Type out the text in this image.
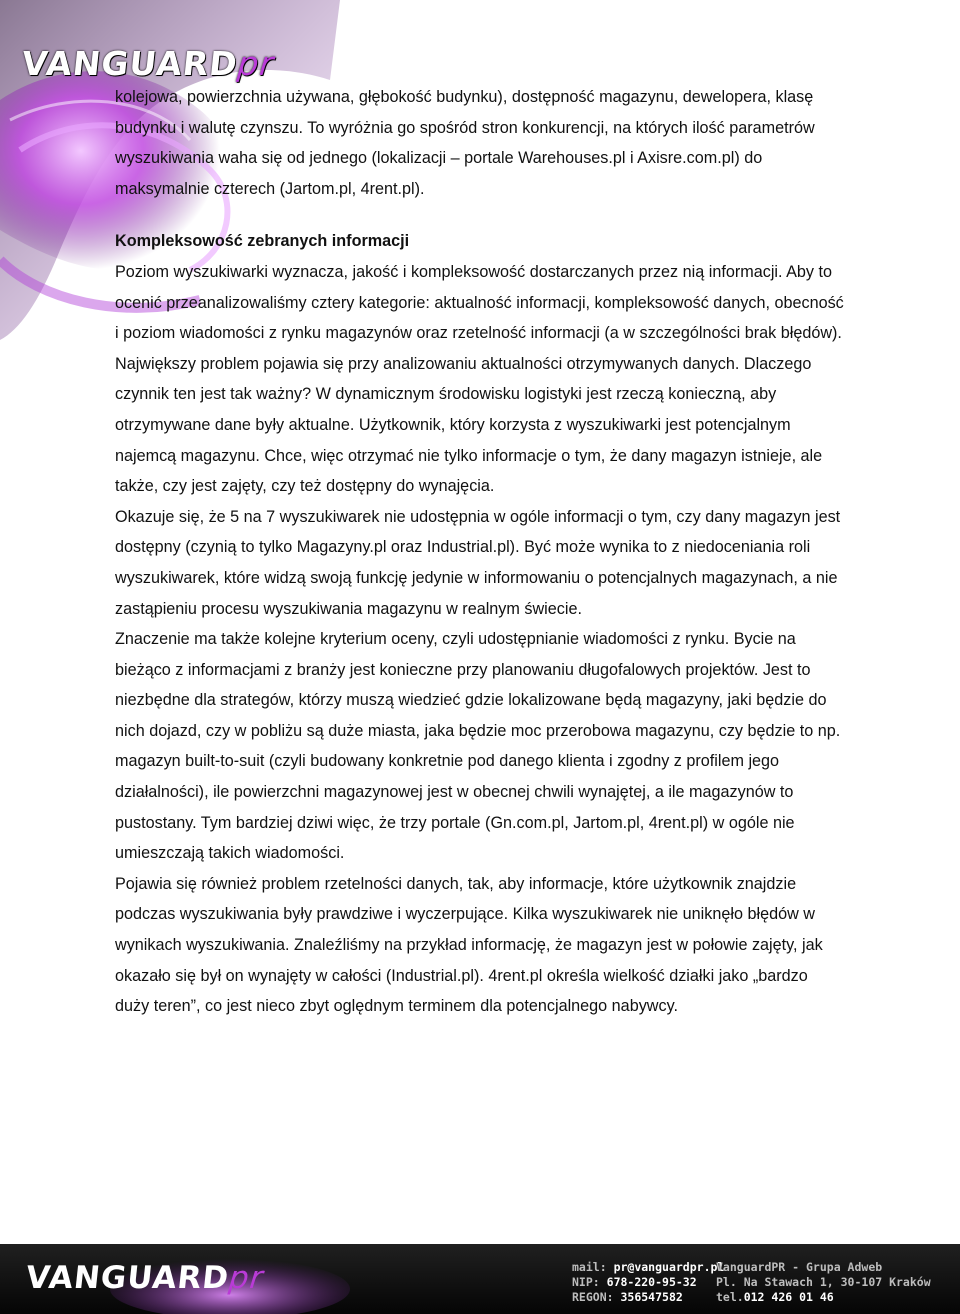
VANGUARDpr

kolejowa, powierzchnia używana, głębokość budynku), dostępność magazynu, dewelopera, klasę budynku i walutę czynszu. To wyróżnia go spośród stron konkurencji, na których ilość parametrów wyszukiwania waha się od jednego (lokalizacji – portale Warehouses.pl i Axisre.com.pl) do maksymalnie czterech (Jartom.pl, 4rent.pl).

Kompleksowość zebranych informacji

Poziom wyszukiwarki wyznacza, jakość i kompleksowość dostarczanych przez nią informacji. Aby to ocenić przeanalizowaliśmy cztery kategorie: aktualność informacji, kompleksowość danych, obecność i poziom wiadomości z rynku magazynów oraz rzetelność informacji (a w szczególności brak błędów).

Największy problem pojawia się przy analizowaniu aktualności otrzymywanych danych. Dlaczego czynnik ten jest tak ważny? W dynamicznym środowisku logistyki jest rzeczą konieczną, aby otrzymywane dane były aktualne. Użytkownik, który korzysta z wyszukiwarki jest potencjalnym najemcą magazynu. Chce, więc otrzymać nie tylko informacje o tym, że dany magazyn istnieje, ale także, czy jest zajęty, czy też dostępny do wynajęcia.

Okazuje się, że 5 na 7 wyszukiwarek nie udostępnia w ogóle informacji o tym, czy dany magazyn jest dostępny (czynią to tylko Magazyny.pl oraz Industrial.pl). Być może wynika to z niedoceniania roli wyszukiwarek, które widzą swoją funkcję jedynie w informowaniu o potencjalnych magazynach, a nie zastąpieniu procesu wyszukiwania magazynu w realnym świecie.

Znaczenie ma także kolejne kryterium oceny, czyli udostępnianie wiadomości z rynku. Bycie na bieżąco z informacjami z branży jest konieczne przy planowaniu długofalowych projektów. Jest to niezbędne dla strategów, którzy muszą wiedzieć gdzie lokalizowane będą magazyny, jaki będzie do nich dojazd, czy w pobliżu są duże miasta, jaka będzie moc przerobowa magazynu, czy będzie to np. magazyn built-to-suit (czyli budowany konkretnie pod danego klienta i zgodny z profilem jego działalności), ile powierzchni magazynowej jest w obecnej chwili wynajętej, a ile magazynów to pustostany. Tym bardziej dziwi więc, że trzy portale (Gn.com.pl, Jartom.pl, 4rent.pl) w ogóle nie umieszczają takich wiadomości.

Pojawia się również problem rzetelności danych, tak, aby informacje, które użytkownik znajdzie podczas wyszukiwania były prawdziwe i wyczerpujące. Kilka wyszukiwarek nie uniknęło błędów w wynikach wyszukiwania. Znaleźliśmy na przykład informację, że magazyn jest w połowie zajęty, jak okazało się był on wynajęty w całości (Industrial.pl). 4rent.pl określa wielkość działki jako „bardzo duży teren”, co jest nieco zbyt oględnym terminem dla potencjalnego nabywcy.

VANGUARDpr	mail: pr@vanguardpr.pl
NIP: 678-220-95-32
REGON: 356547582
VanguardPR - Grupa Adweb
Pl. Na Stawach 1, 30-107 Kraków
tel.012 426 01 46
